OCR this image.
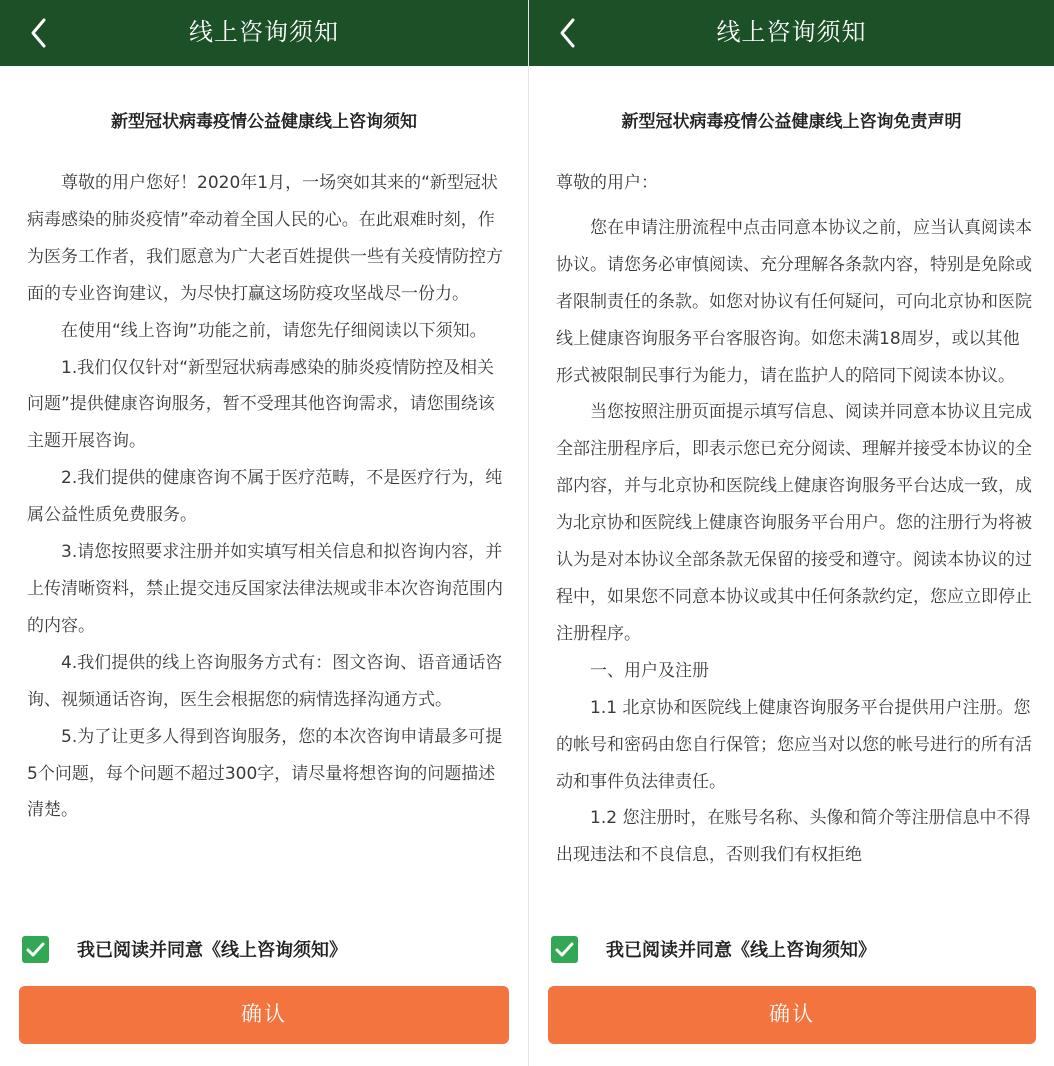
线上咨询须知
新型冠状病毒疫情公益健康线上咨询须知

尊敬的用户您好！2020年1月，一场突如其来的“新型冠状病毒感染的肺炎疫情”牵动着全国人民的心。在此艰难时刻，作为医务工作者，我们愿意为广大老百姓提供一些有关疫情防控方面的专业咨询建议，为尽快打赢这场防疫攻坚战尽一份力。

在使用“线上咨询”功能之前，请您先仔细阅读以下须知。

1.我们仅仅针对“新型冠状病毒感染的肺炎疫情防控及相关问题”提供健康咨询服务，暂不受理其他咨询需求，请您围绕该主题开展咨询。

2.我们提供的健康咨询不属于医疗范畴，不是医疗行为，纯属公益性质免费服务。

3.请您按照要求注册并如实填写相关信息和拟咨询内容，并上传清晰资料，禁止提交违反国家法律法规或非本次咨询范围内的内容。

4.我们提供的线上咨询服务方式有：图文咨询、语音通话咨询、视频通话咨询，医生会根据您的病情选择沟通方式。

5.为了让更多人得到咨询服务，您的本次咨询申请最多可提5个问题，每个问题不超过300字，请尽量将想咨询的问题描述清楚。

我已阅读并同意《线上咨询须知》
确认
线上咨询须知
新型冠状病毒疫情公益健康线上咨询免责声明

尊敬的用户：

您在申请注册流程中点击同意本协议之前，应当认真阅读本协议。请您务必审慎阅读、充分理解各条款内容，特别是免除或者限制责任的条款。如您对协议有任何疑问，可向北京协和医院线上健康咨询服务平台客服咨询。如您未满18周岁，或以其他形式被限制民事行为能力，请在监护人的陪同下阅读本协议。

当您按照注册页面提示填写信息、阅读并同意本协议且完成全部注册程序后，即表示您已充分阅读、理解并接受本协议的全部内容，并与北京协和医院线上健康咨询服务平台达成一致，成为北京协和医院线上健康咨询服务平台用户。您的注册行为将被认为是对本协议全部条款无保留的接受和遵守。阅读本协议的过程中，如果您不同意本协议或其中任何条款约定，您应立即停止注册程序。

一、用户及注册

1.1 北京协和医院线上健康咨询服务平台提供用户注册。您的帐号和密码由您自行保管；您应当对以您的帐号进行的所有活动和事件负法律责任。

1.2 您注册时，在账号名称、头像和简介等注册信息中不得出现违法和不良信息，否则我们有权拒绝

我已阅读并同意《线上咨询须知》
确认
